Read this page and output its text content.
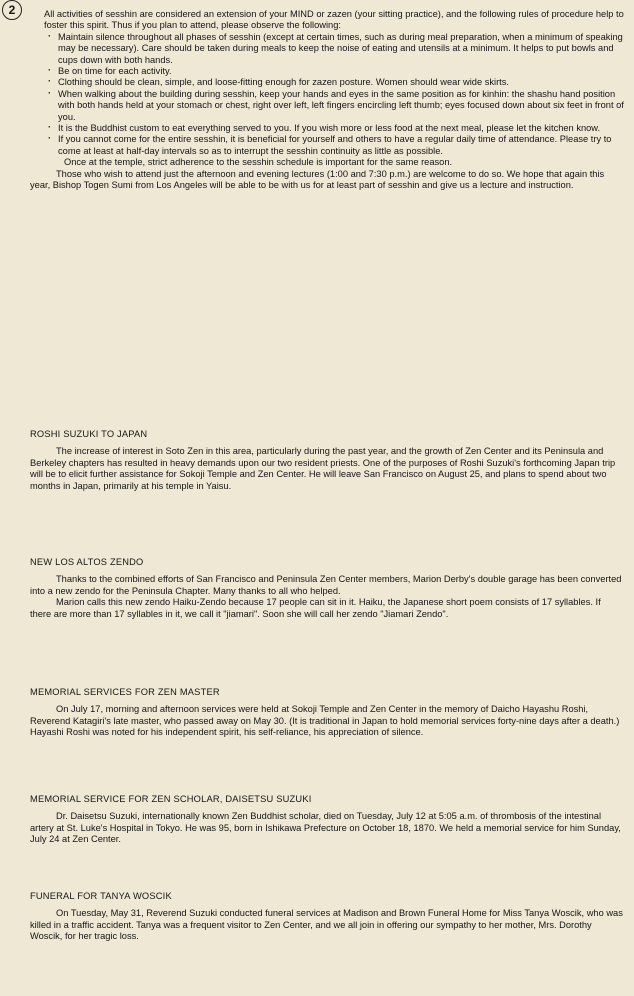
2	All activities of sesshin are considered an extension of your MIND or zazen (your sitting practice), and the following rules of procedure help to foster this spirit. Thus if you plan to attend, please observe the following:

· Maintain silence throughout all phases of sesshin (except at certain times, such as during meal preparation, when a minimum of speaking may be necessary). Care should be taken during meals to keep the noise of eating and utensils at a minimum. It helps to put bowls and cups down with both hands.

· Be on time for each activity.

· Clothing should be clean, simple, and loose-fitting enough for zazen posture. Women should wear wide skirts.

· When walking about the building during sesshin, keep your hands and eyes in the same position as for kinhin: the shashu hand position with both hands held at your stomach or chest, right over left, left fingers encircling left thumb; eyes focused down about six feet in front of you.

· It is the Buddhist custom to eat everything served to you. If you wish more or less food at the next meal, please let the kitchen know.

· If you cannot come for the entire sesshin, it is beneficial for yourself and others to have a regular daily time of attendance. Please try to come at least at half-day intervals so as to interrupt the sesshin continuity as little as possible.

Once at the temple, strict adherence to the sesshin schedule is important for the same reason.

Those who wish to attend just the afternoon and evening lectures (1:00 and 7:30 p.m.) are welcome to do so. We hope that again this year, Bishop Togen Sumi from Los Angeles will be able to be with us for at least part of sesshin and give us a lecture and instruction.

ROSHI SUZUKI TO JAPAN

The increase of interest in Soto Zen in this area, particularly during the past year, and the growth of Zen Center and its Peninsula and Berkeley chapters has resulted in heavy demands upon our two resident priests. One of the purposes of Roshi Suzuki's forthcoming Japan trip will be to elicit further assistance for Sokoji Temple and Zen Center. He will leave San Francisco on August 25, and plans to spend about two months in Japan, primarily at his temple in Yaisu.

NEW LOS ALTOS ZENDO

Thanks to the combined efforts of San Francisco and Peninsula Zen Center members, Marion Derby's double garage has been converted into a new zendo for the Peninsula Chapter. Many thanks to all who helped.

Marion calls this new zendo Haiku-Zendo because 17 people can sit in it. Haiku, the Japanese short poem consists of 17 syllables. If there are more than 17 syllables in it, we call it "jiamari". Soon she will call her zendo "Jiamari Zendo".

MEMORIAL SERVICES FOR ZEN MASTER

On July 17, morning and afternoon services were held at Sokoji Temple and Zen Center in the memory of Daicho Hayashu Roshi, Reverend Katagiri's late master, who passed away on May 30. (It is traditional in Japan to hold memorial services forty-nine days after a death.) Hayashi Roshi was noted for his independent spirit, his self-reliance, his appreciation of silence.

MEMORIAL SERVICE FOR ZEN SCHOLAR, DAISETSU SUZUKI

Dr. Daisetsu Suzuki, internationally known Zen Buddhist scholar, died on Tuesday, July 12 at 5:05 a.m. of thrombosis of the intestinal artery at St. Luke's Hospital in Tokyo. He was 95, born in Ishikawa Prefecture on October 18, 1870. We held a memorial service for him Sunday, July 24 at Zen Center.

FUNERAL FOR TANYA WOSCIK

On Tuesday, May 31, Reverend Suzuki conducted funeral services at Madison and Brown Funeral Home for Miss Tanya Woscik, who was killed in a traffic accident. Tanya was a frequent visitor to Zen Center, and we all join in offering our sympathy to her mother, Mrs. Dorothy Woscik, for her tragic loss.
